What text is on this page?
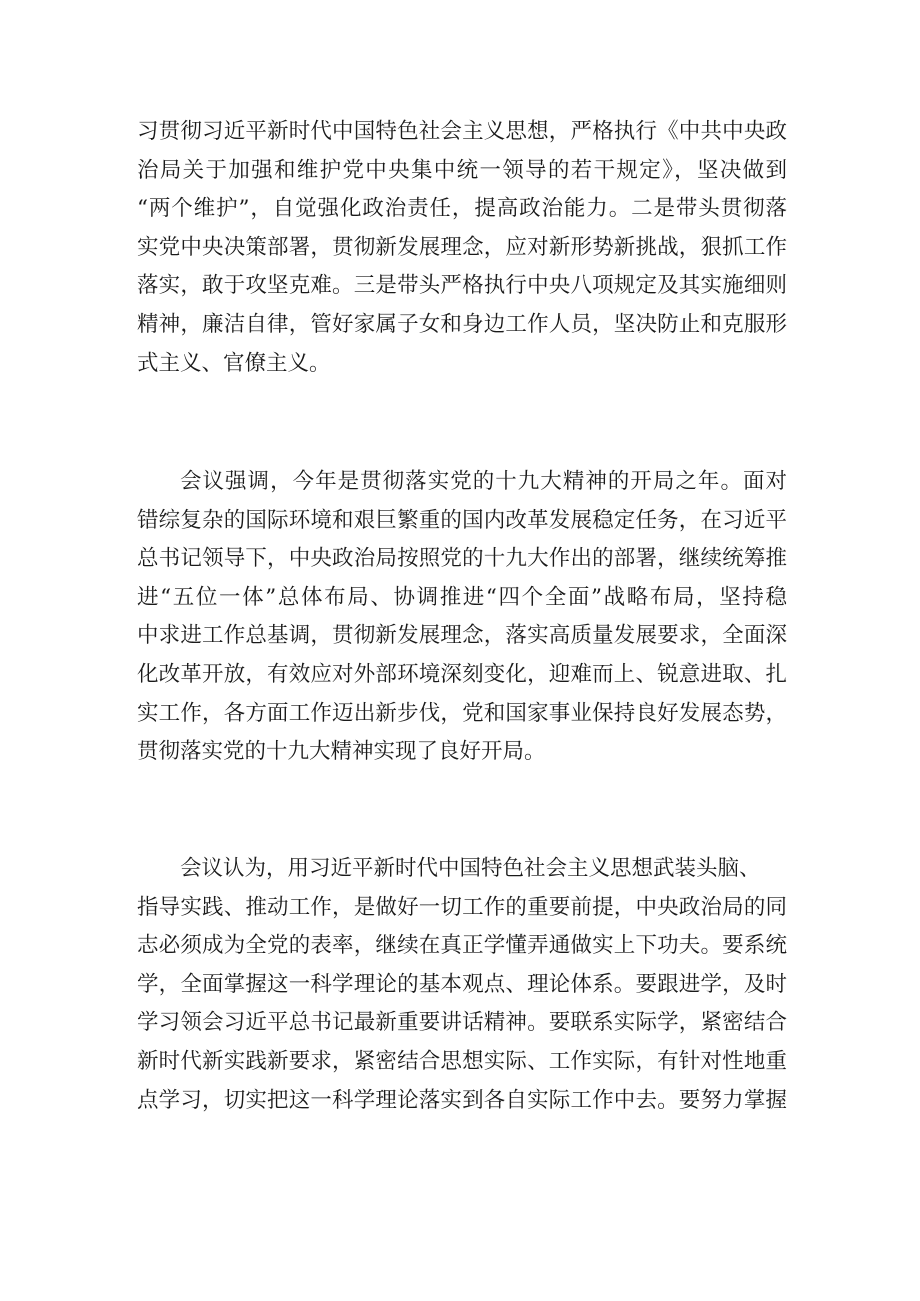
习贯彻习近平新时代中国特色社会主义思想，严格执行《中共中央政
治局关于加强和维护党中央集中统一领导的若干规定》，坚决做到
“两个维护”，自觉强化政治责任，提高政治能力。二是带头贯彻落
实党中央决策部署，贯彻新发展理念，应对新形势新挑战，狠抓工作
落实，敢于攻坚克难。三是带头严格执行中央八项规定及其实施细则
精神，廉洁自律，管好家属子女和身边工作人员，坚决防止和克服形
式主义、官僚主义。
会议强调，今年是贯彻落实党的十九大精神的开局之年。面对
错综复杂的国际环境和艰巨繁重的国内改革发展稳定任务，在习近平
总书记领导下，中央政治局按照党的十九大作出的部署，继续统筹推
进“五位一体”总体布局、协调推进“四个全面”战略布局，坚持稳
中求进工作总基调，贯彻新发展理念，落实高质量发展要求，全面深
化改革开放，有效应对外部环境深刻变化，迎难而上、锐意进取、扎
实工作，各方面工作迈出新步伐，党和国家事业保持良好发展态势，
贯彻落实党的十九大精神实现了良好开局。
会议认为，用习近平新时代中国特色社会主义思想武装头脑、
指导实践、推动工作，是做好一切工作的重要前提，中央政治局的同
志必须成为全党的表率，继续在真正学懂弄通做实上下功夫。要系统
学，全面掌握这一科学理论的基本观点、理论体系。要跟进学，及时
学习领会习近平总书记最新重要讲话精神。要联系实际学，紧密结合
新时代新实践新要求，紧密结合思想实际、工作实际，有针对性地重
点学习，切实把这一科学理论落实到各自实际工作中去。要努力掌握
